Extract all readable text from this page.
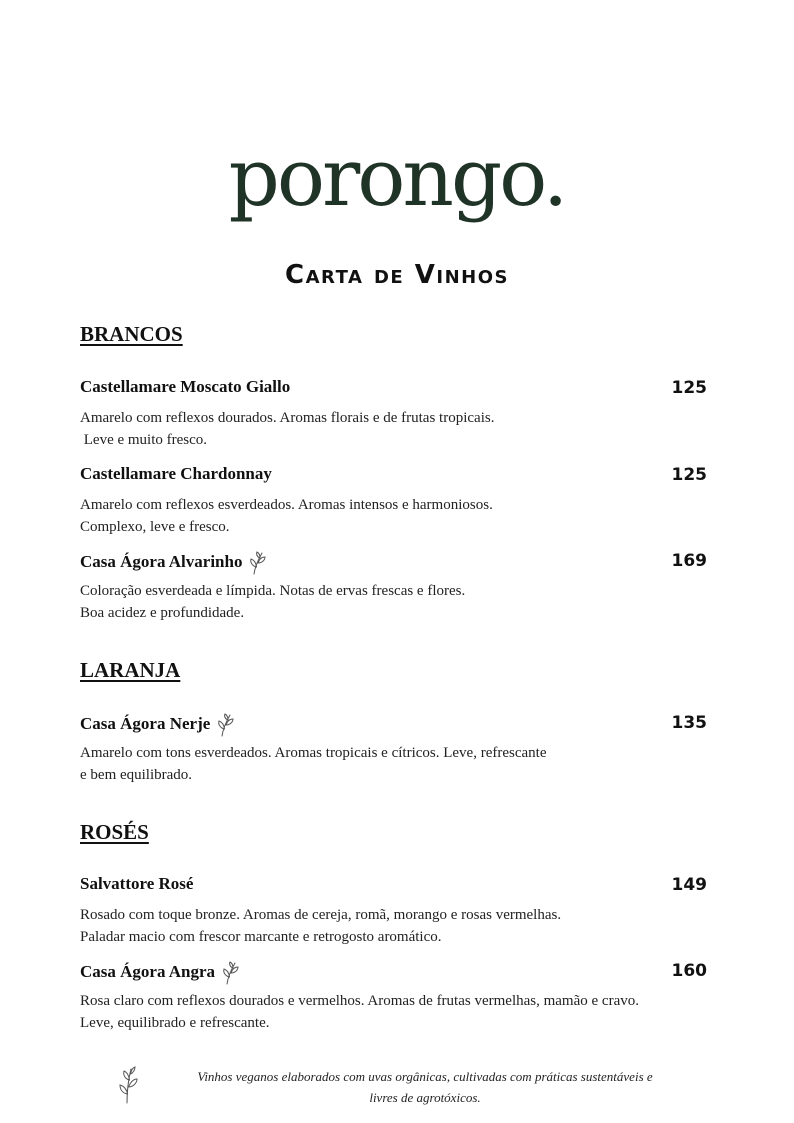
porongo.
Carta de Vinhos
BRANCOS
Castellamare Moscato Giallo	125
Amarelo com reflexos dourados. Aromas florais e de frutas tropicais.
Leve e muito fresco.
Castellamare Chardonnay	125
Amarelo com reflexos esverdeados. Aromas intensos e harmoniosos.
Complexo, leve e fresco.
Casa Ágora Alvarinho	169
Coloração esverdeada e límpida. Notas de ervas frescas e flores.
Boa acidez e profundidade.
LARANJA
Casa Ágora Nerje	135
Amarelo com tons esverdeados. Aromas tropicais e cítricos. Leve, refrescante
e bem equilibrado.
ROSÉS
Salvattore Rosé	149
Rosado com toque bronze. Aromas de cereja, romã, morango e rosas vermelhas.
Paladar macio com frescor marcante e retrogosto aromático.
Casa Ágora Angra	160
Rosa claro com reflexos dourados e vermelhos. Aromas de frutas vermelhas, mamão e cravo.
Leve, equilibrado e refrescante.
Vinhos veganos elaborados com uvas orgânicas, cultivadas com práticas sustentáveis e
livres de agrotóxicos.
